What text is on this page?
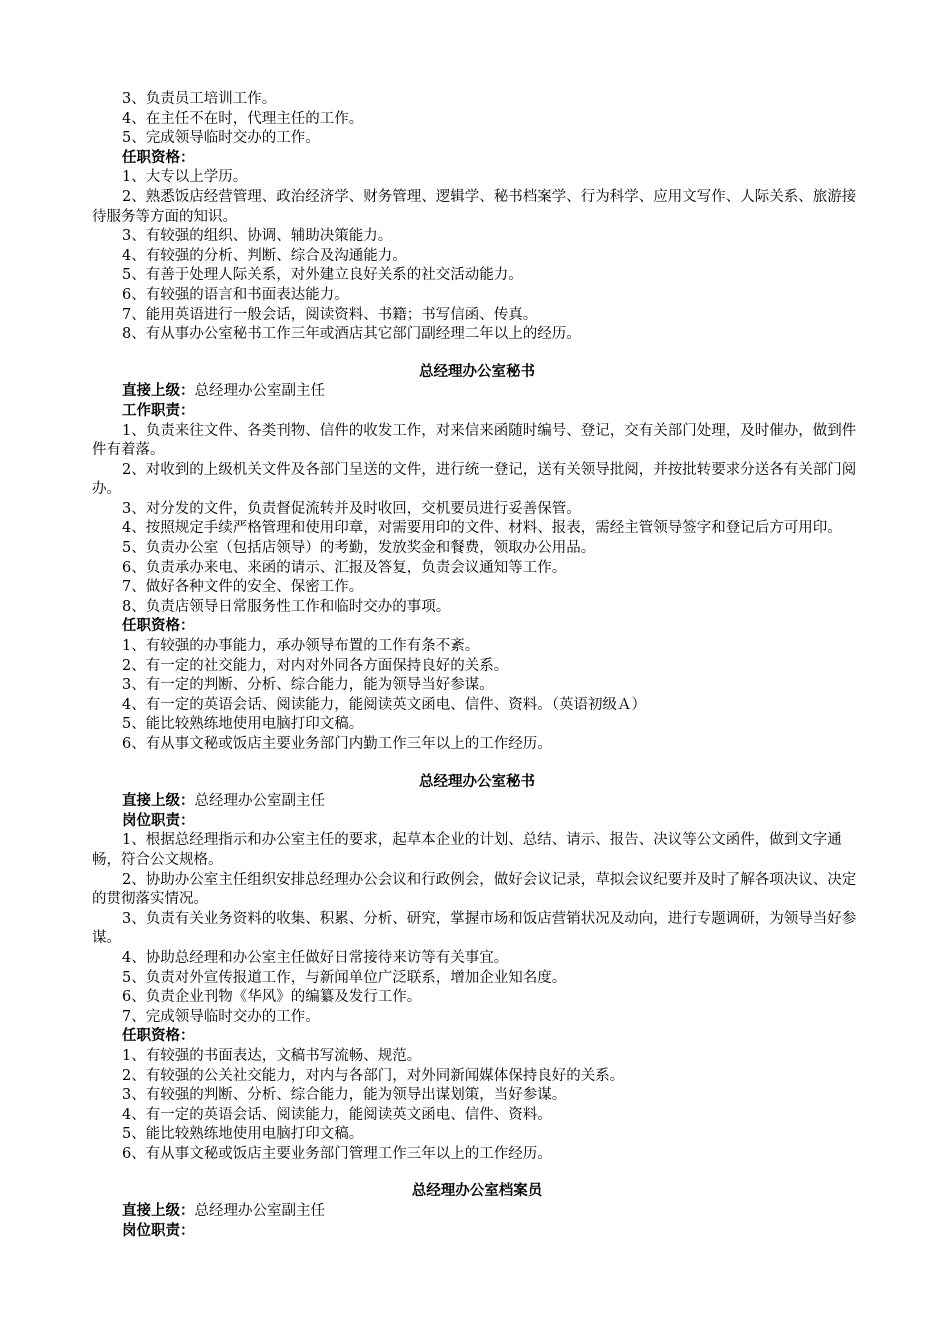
3、负责员工培训工作。

4、在主任不在时，代理主任的工作。

5、完成领导临时交办的工作。

任职资格：

1、大专以上学历。

2、熟悉饭店经营管理、政治经济学、财务管理、逻辑学、秘书档案学、行为科学、应用文写作、人际关系、旅游接待服务等方面的知识。

3、有较强的组织、协调、辅助决策能力。

4、有较强的分析、判断、综合及沟通能力。

5、有善于处理人际关系，对外建立良好关系的社交活动能力。

6、有较强的语言和书面表达能力。

7、能用英语进行一般会话，阅读资料、书籍；书写信函、传真。

8、有从事办公室秘书工作三年或酒店其它部门副经理二年以上的经历。

总经理办公室秘书

直接上级：总经理办公室副主任

工作职责：

1、负责来往文件、各类刊物、信件的收发工作，对来信来函随时编号、登记，交有关部门处理，及时催办，做到件件有着落。

2、对收到的上级机关文件及各部门呈送的文件，进行统一登记，送有关领导批阅，并按批转要求分送各有关部门阅办。

3、对分发的文件，负责督促流转并及时收回，交机要员进行妥善保管。

4、按照规定手续严格管理和使用印章，对需要用印的文件、材料、报表，需经主管领导签字和登记后方可用印。

5、负责办公室（包括店领导）的考勤，发放奖金和餐费，领取办公用品。

6、负责承办来电、来函的请示、汇报及答复，负责会议通知等工作。

7、做好各种文件的安全、保密工作。

8、负责店领导日常服务性工作和临时交办的事项。

任职资格：

1、有较强的办事能力，承办领导布置的工作有条不紊。

2、有一定的社交能力，对内对外同各方面保持良好的关系。

3、有一定的判断、分析、综合能力，能为领导当好参谋。

4、有一定的英语会话、阅读能力，能阅读英文函电、信件、资料。（英语初级Ａ）

5、能比较熟练地使用电脑打印文稿。

6、有从事文秘或饭店主要业务部门内勤工作三年以上的工作经历。

总经理办公室秘书

直接上级：总经理办公室副主任

岗位职责：

1、根据总经理指示和办公室主任的要求，起草本企业的计划、总结、请示、报告、决议等公文函件，做到文字通畅，符合公文规格。

2、协助办公室主任组织安排总经理办公会议和行政例会，做好会议记录，草拟会议纪要并及时了解各项决议、决定的贯彻落实情况。

3、负责有关业务资料的收集、积累、分析、研究，掌握市场和饭店营销状况及动向，进行专题调研，为领导当好参谋。

4、协助总经理和办公室主任做好日常接待来访等有关事宜。

5、负责对外宣传报道工作，与新闻单位广泛联系，增加企业知名度。

6、负责企业刊物《华风》的编纂及发行工作。

7、完成领导临时交办的工作。

任职资格：

1、有较强的书面表达，文稿书写流畅、规范。

2、有较强的公关社交能力，对内与各部门，对外同新闻媒体保持良好的关系。

3、有较强的判断、分析、综合能力，能为领导出谋划策，当好参谋。

4、有一定的英语会话、阅读能力，能阅读英文函电、信件、资料。

5、能比较熟练地使用电脑打印文稿。

6、有从事文秘或饭店主要业务部门管理工作三年以上的工作经历。

总经理办公室档案员

直接上级：总经理办公室副主任

岗位职责：
